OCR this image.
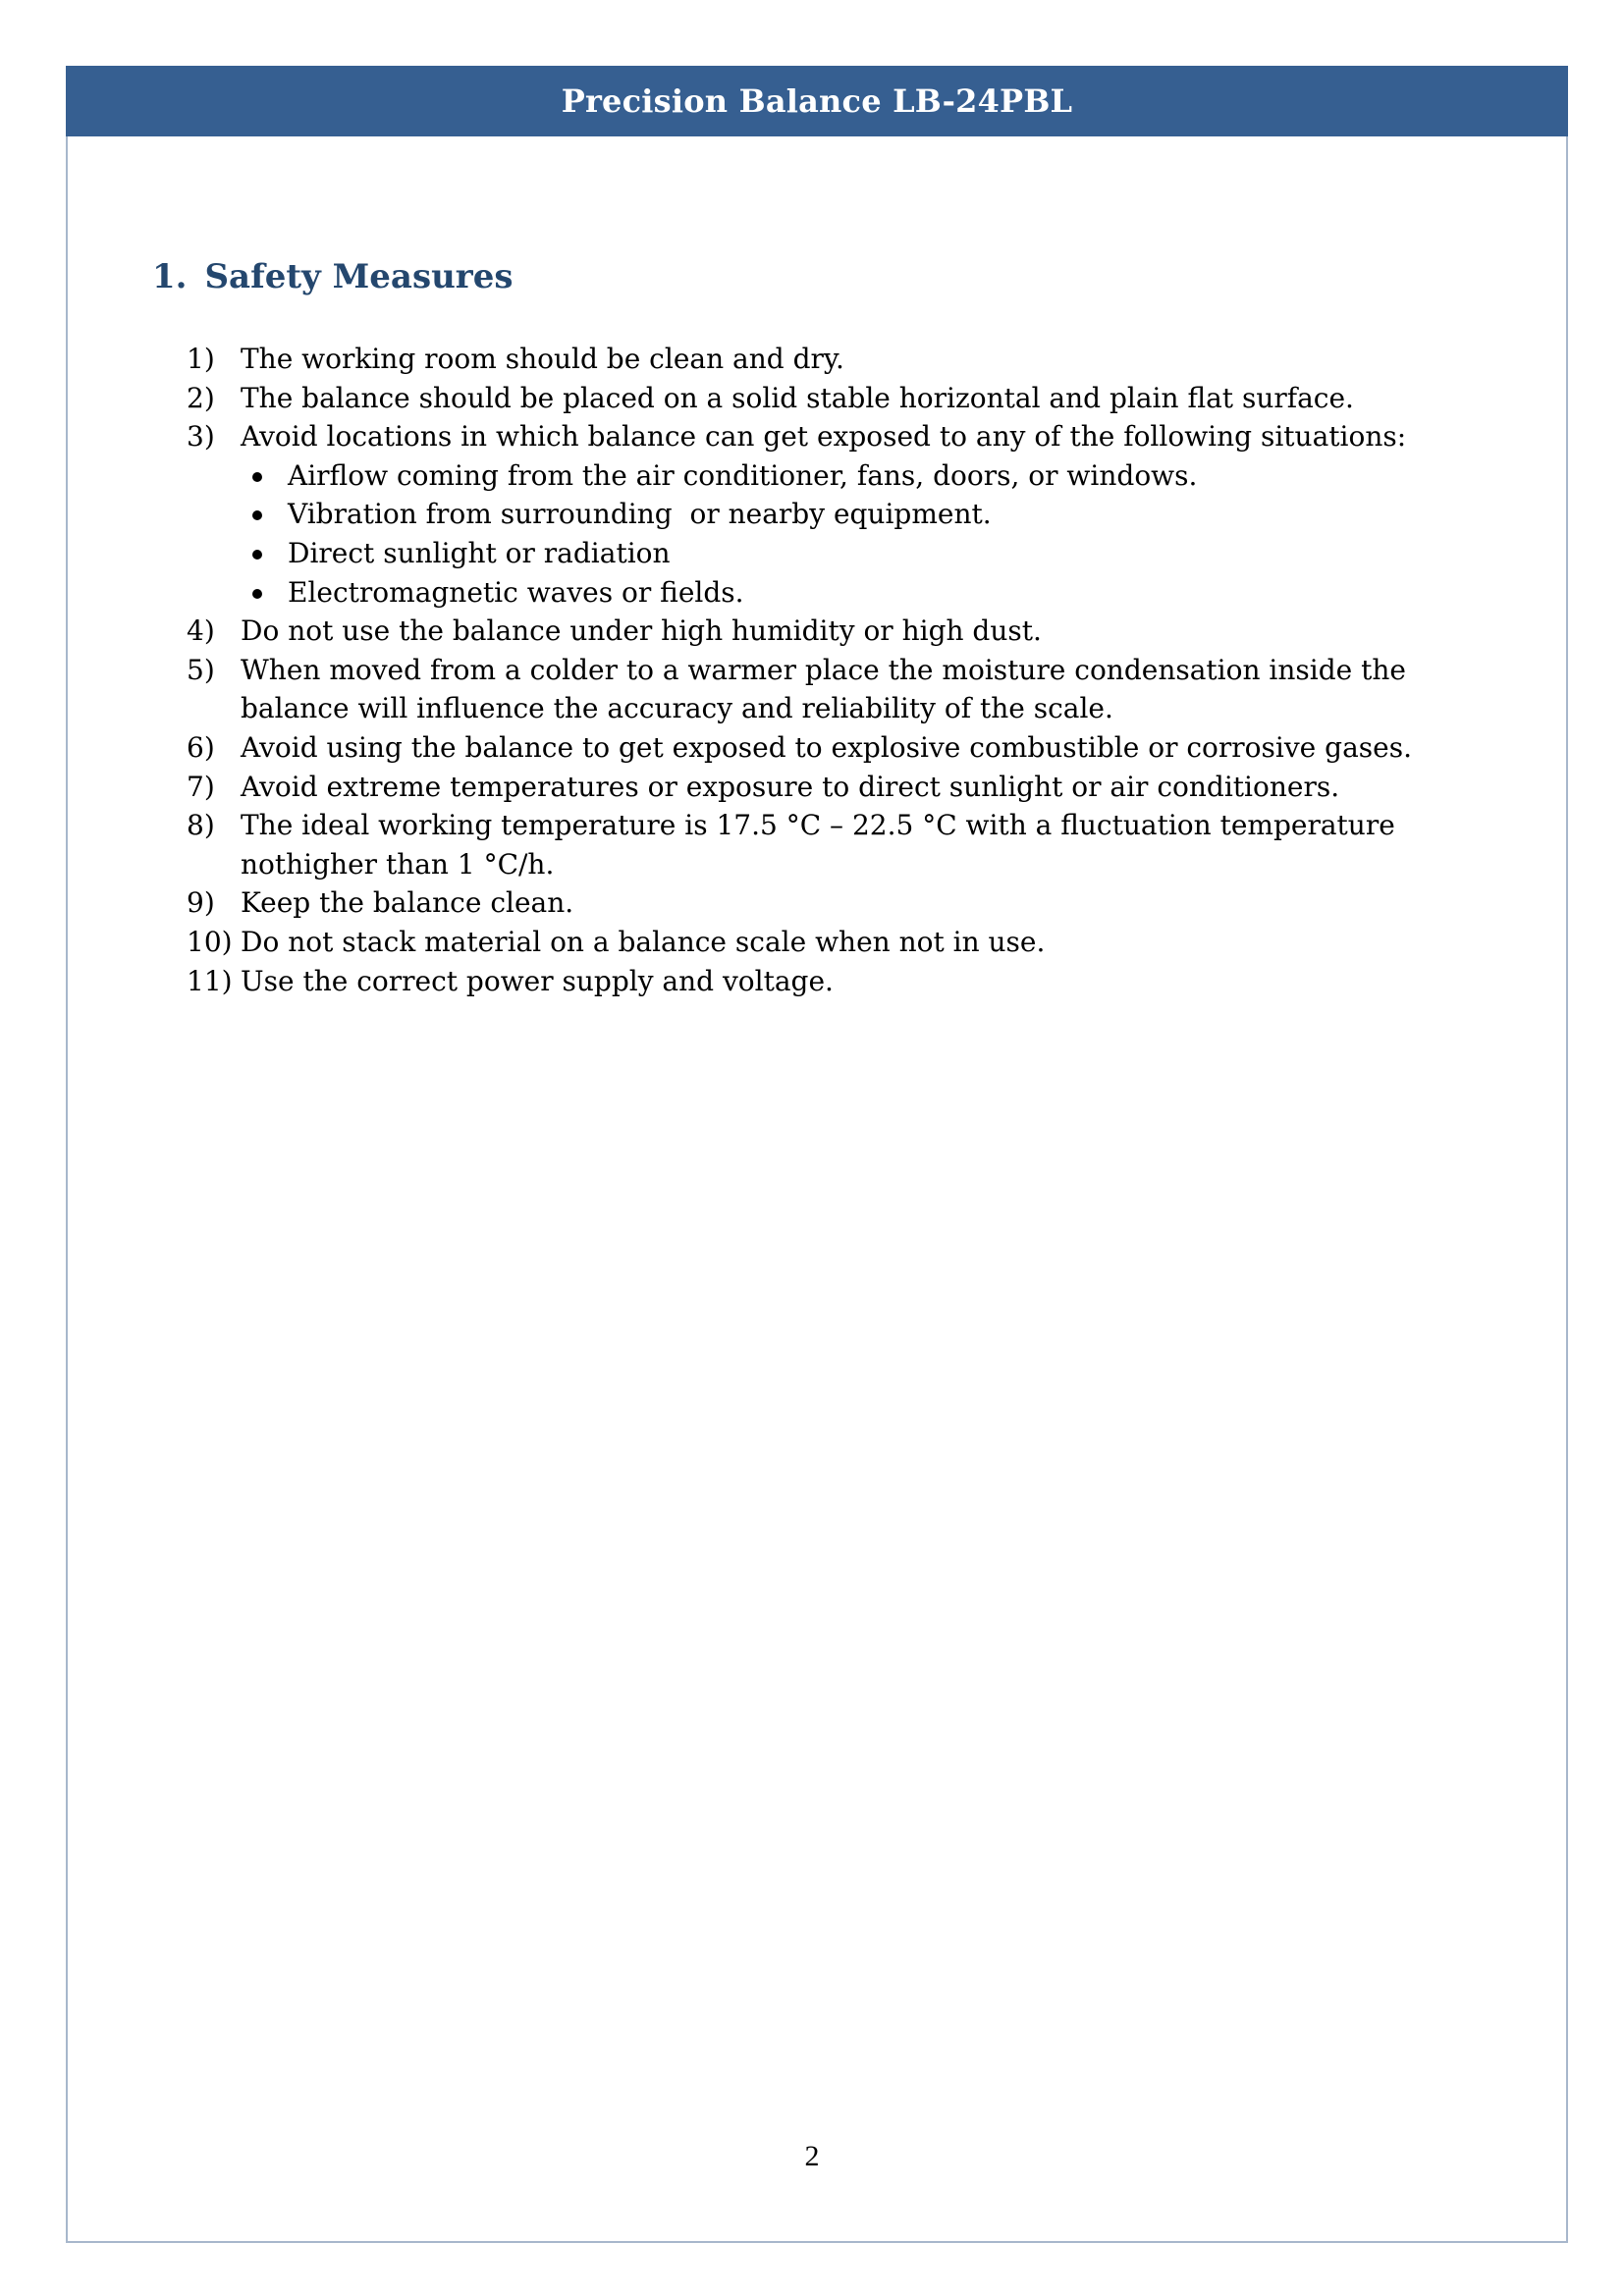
Precision Balance LB-24PBL
1. Safety Measures
1) The working room should be clean and dry.
2) The balance should be placed on a solid stable horizontal and plain flat surface.
3) Avoid locations in which balance can get exposed to any of the following situations:
Airflow coming from the air conditioner, fans, doors, or windows.
Vibration from surrounding  or nearby equipment.
Direct sunlight or radiation
Electromagnetic waves or fields.
4) Do not use the balance under high humidity or high dust.
5) When moved from a colder to a warmer place the moisture condensation inside the balance will influence the accuracy and reliability of the scale.
6) Avoid using the balance to get exposed to explosive combustible or corrosive gases.
7) Avoid extreme temperatures or exposure to direct sunlight or air conditioners.
8) The ideal working temperature is 17.5 °C – 22.5 °C with a fluctuation temperature nothigher than 1 °C/h.
9) Keep the balance clean.
10) Do not stack material on a balance scale when not in use.
11) Use the correct power supply and voltage.
2
